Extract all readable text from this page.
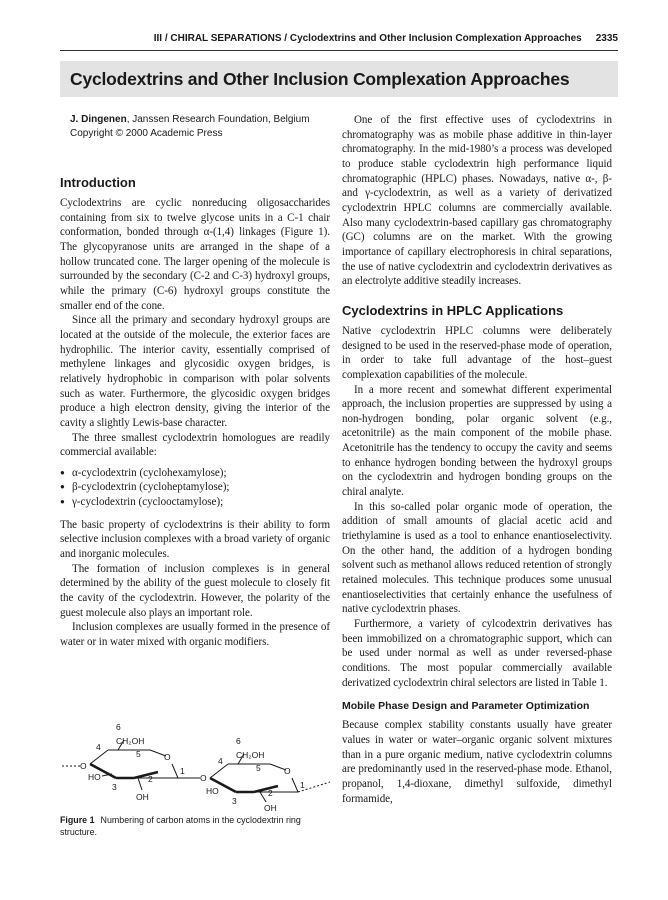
III / CHIRAL SEPARATIONS / Cyclodextrins and Other Inclusion Complexation Approaches 2335
Cyclodextrins and Other Inclusion Complexation Approaches
J. Dingenen, Janssen Research Foundation, Belgium
Copyright © 2000 Academic Press
Introduction

Cyclodextrins are cyclic nonreducing oligosaccharides containing from six to twelve glycose units in a C-1 chair conformation, bonded through α-(1,4) linkages (Figure 1). The glycopyranose units are arranged in the shape of a hollow truncated cone. The larger opening of the molecule is surrounded by the secondary (C-2 and C-3) hydroxyl groups, while the primary (C-6) hydroxyl groups constitute the smaller end of the cone.

Since all the primary and secondary hydroxyl groups are located at the outside of the molecule, the exterior faces are hydrophilic. The interior cavity, essentially comprised of methylene linkages and glycosidic oxygen bridges, is relatively hydrophobic in comparison with polar solvents such as water. Furthermore, the glycosidic oxygen bridges produce a high electron density, giving the interior of the cavity a slightly Lewis-base character.

The three smallest cyclodextrin homologues are readily commercial available:

● α-cyclodextrin (cyclohexamylose);
● β-cyclodextrin (cycloheptamylose);
● γ-cyclodextrin (cyclooctamylose);

The basic property of cyclodextrins is their ability to form selective inclusion complexes with a broad variety of organic and inorganic molecules.

The formation of inclusion complexes is in general determined by the ability of the guest molecule to closely fit the cavity of the cyclodextrin. However, the polarity of the guest molecule also plays an important role.

Inclusion complexes are usually formed in the presence of water or in water mixed with organic modifiers.

6
CH₂OH
4
5	O
O
HO
3
2
1
OH
O
6
CH₂OH
4
5	O
HO
3
2
1
OH
Figure 1 Numbering of carbon atoms in the cyclodextrin ring structure.

One of the first effective uses of cyclodextrins in chromatography was as mobile phase additive in thin-layer chromatography. In the mid-1980’s a process was developed to produce stable cyclodextrin high performance liquid chromatographic (HPLC) phases. Nowadays, native α-, β- and γ-cyclodextrin, as well as a variety of derivatized cyclodextrin HPLC columns are commercially available. Also many cyclodextrin-based capillary gas chromatography (GC) columns are on the market. With the growing importance of capillary electrophoresis in chiral separations, the use of native cyclodextrin and cyclodextrin derivatives as an electrolyte additive steadily increases.

Cyclodextrins in HPLC Applications

Native cyclodextrin HPLC columns were deliberately designed to be used in the reserved-phase mode of operation, in order to take full advantage of the host–guest complexation capabilities of the molecule.

In a more recent and somewhat different experimental approach, the inclusion properties are suppressed by using a non-hydrogen bonding, polar organic solvent (e.g., acetonitrile) as the main component of the mobile phase. Acetonitrile has the tendency to occupy the cavity and seems to enhance hydrogen bonding between the hydroxyl groups on the cyclodextrin and hydrogen bonding groups on the chiral analyte.

In this so-called polar organic mode of operation, the addition of small amounts of glacial acetic acid and triethylamine is used as a tool to enhance enantioselectivity. On the other hand, the addition of a hydrogen bonding solvent such as methanol allows reduced retention of strongly retained molecules. This technique produces some unusual enantioselectivities that certainly enhance the usefulness of native cyclodextrin phases.

Furthermore, a variety of cylcodextrin derivatives has been immobilized on a chromatographic support, which can be used under normal as well as under reversed-phase conditions. The most popular commercially available derivatized cyclodextrin chiral selectors are listed in Table 1.

Mobile Phase Design and Parameter Optimization

Because complex stability constants usually have greater values in water or water–organic organic solvent mixtures than in a pure organic medium, native cyclodextrin columns are predominantly used in the reserved-phase mode. Ethanol, propanol, 1,4-dioxane, dimethyl sulfoxide, dimethyl formamide,
